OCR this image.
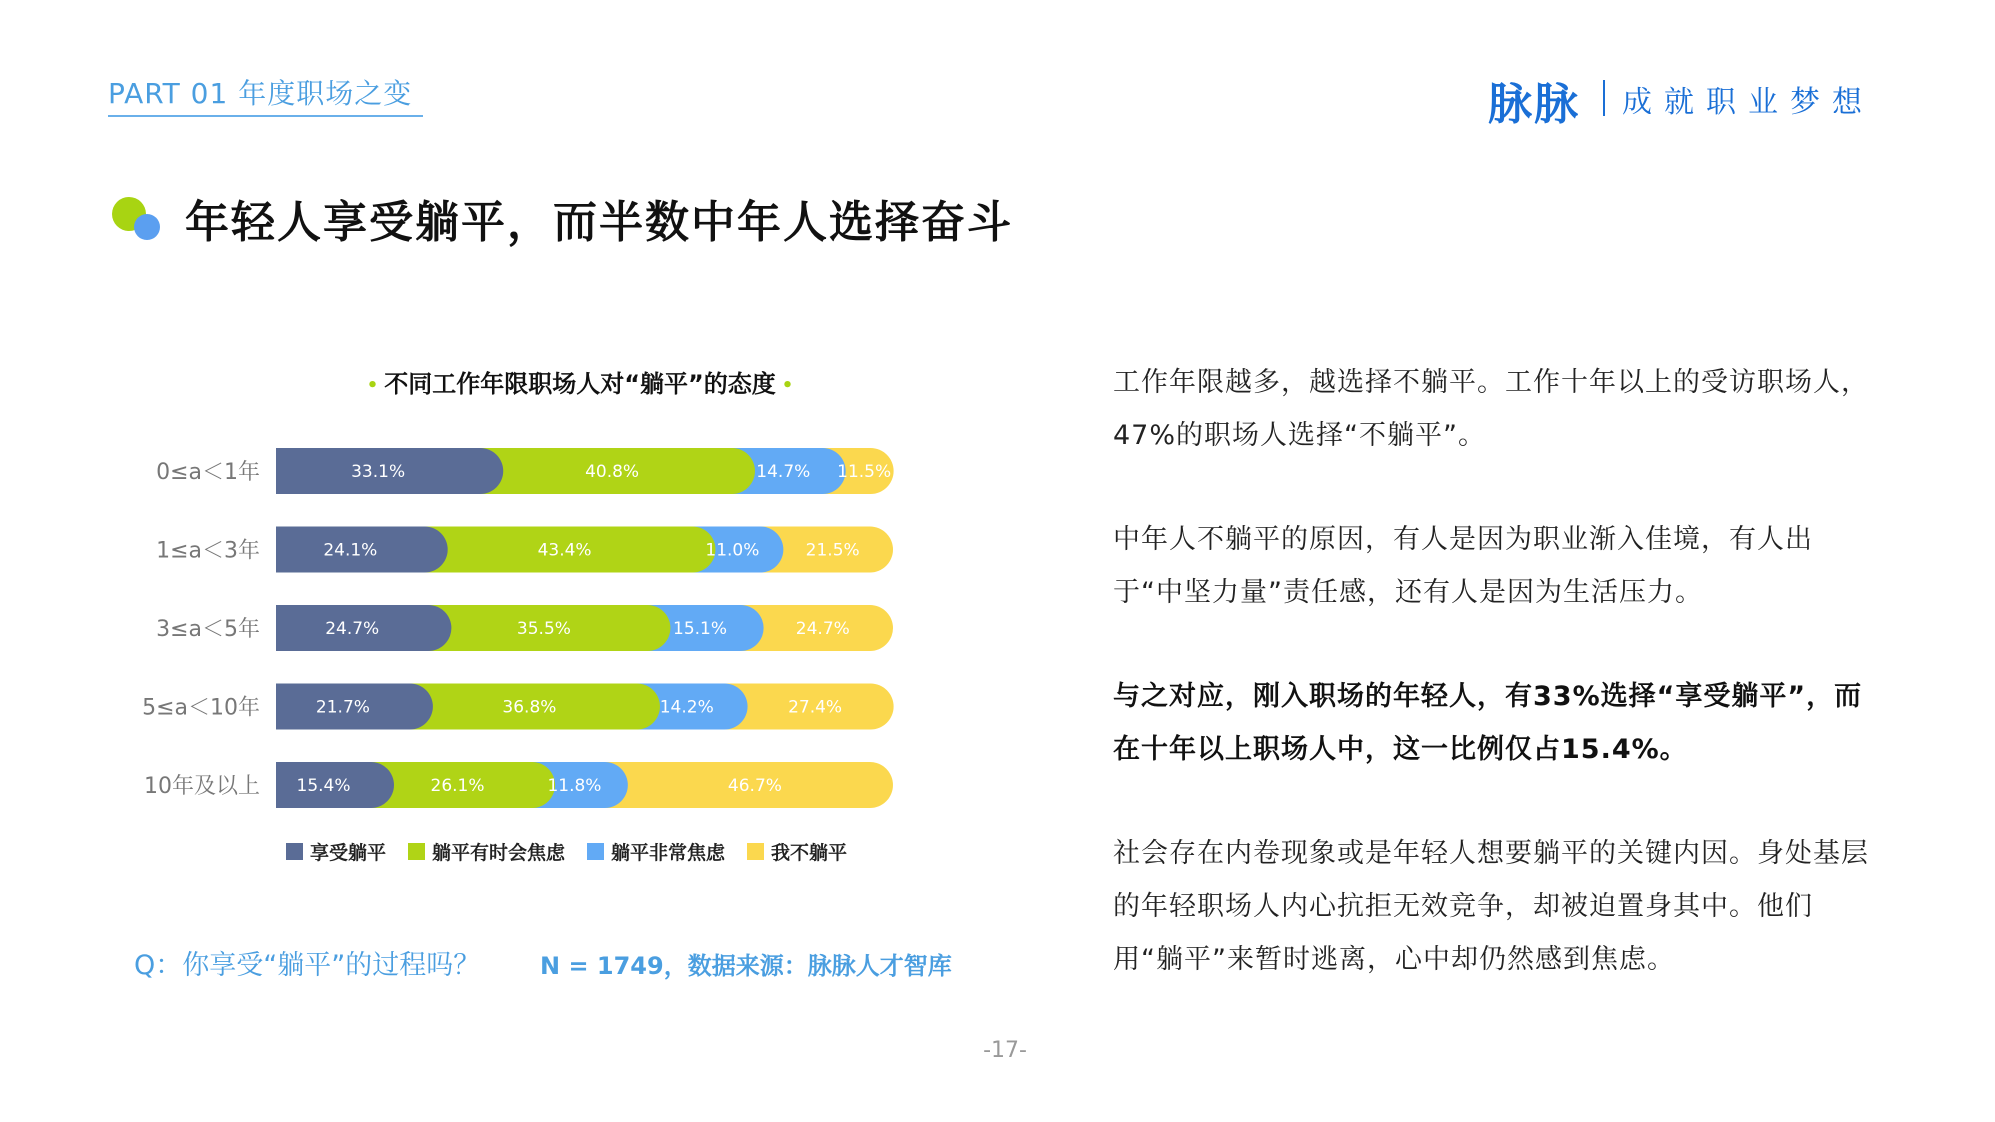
PART 01 年度职场之变	脉脉 成就职业梦想
年轻人享受躺平，而半数中年人选择奋斗
• 不同工作年限职场人对“躺平”的态度 •
0≤a＜1年	33.1%	40.8%	14.7% 11.5%
1≤a＜3年	24.1%	43.4%	11.0%	21.5%
3≤a＜5年	24.7%	35.5%	15.1%	24.7%
5≤a＜10年	21.7%	36.8%	14.2%	27.4%
10年及以上 15.4%	26.1%	11.8%	46.7%
享受躺平 躺平有时会焦虑 躺平非常焦虑 我不躺平
Q：你享受“躺平”的过程吗？ N = 1749，数据来源：脉脉人才智库
工作年限越多，越选择不躺平。工作十年以上的受访职场人，47%的职场人选择“不躺平”。
中年人不躺平的原因，有人是因为职业渐入佳境，有人出于“中坚力量”责任感，还有人是因为生活压力。
与之对应，刚入职场的年轻人，有33%选择“享受躺平”，而在十年以上职场人中，这一比例仅占15.4%。
社会存在内卷现象或是年轻人想要躺平的关键内因。身处基层的年轻职场人内心抗拒无效竞争，却被迫置身其中。他们用“躺平”来暂时逃离，心中却仍然感到焦虑。
-17-
